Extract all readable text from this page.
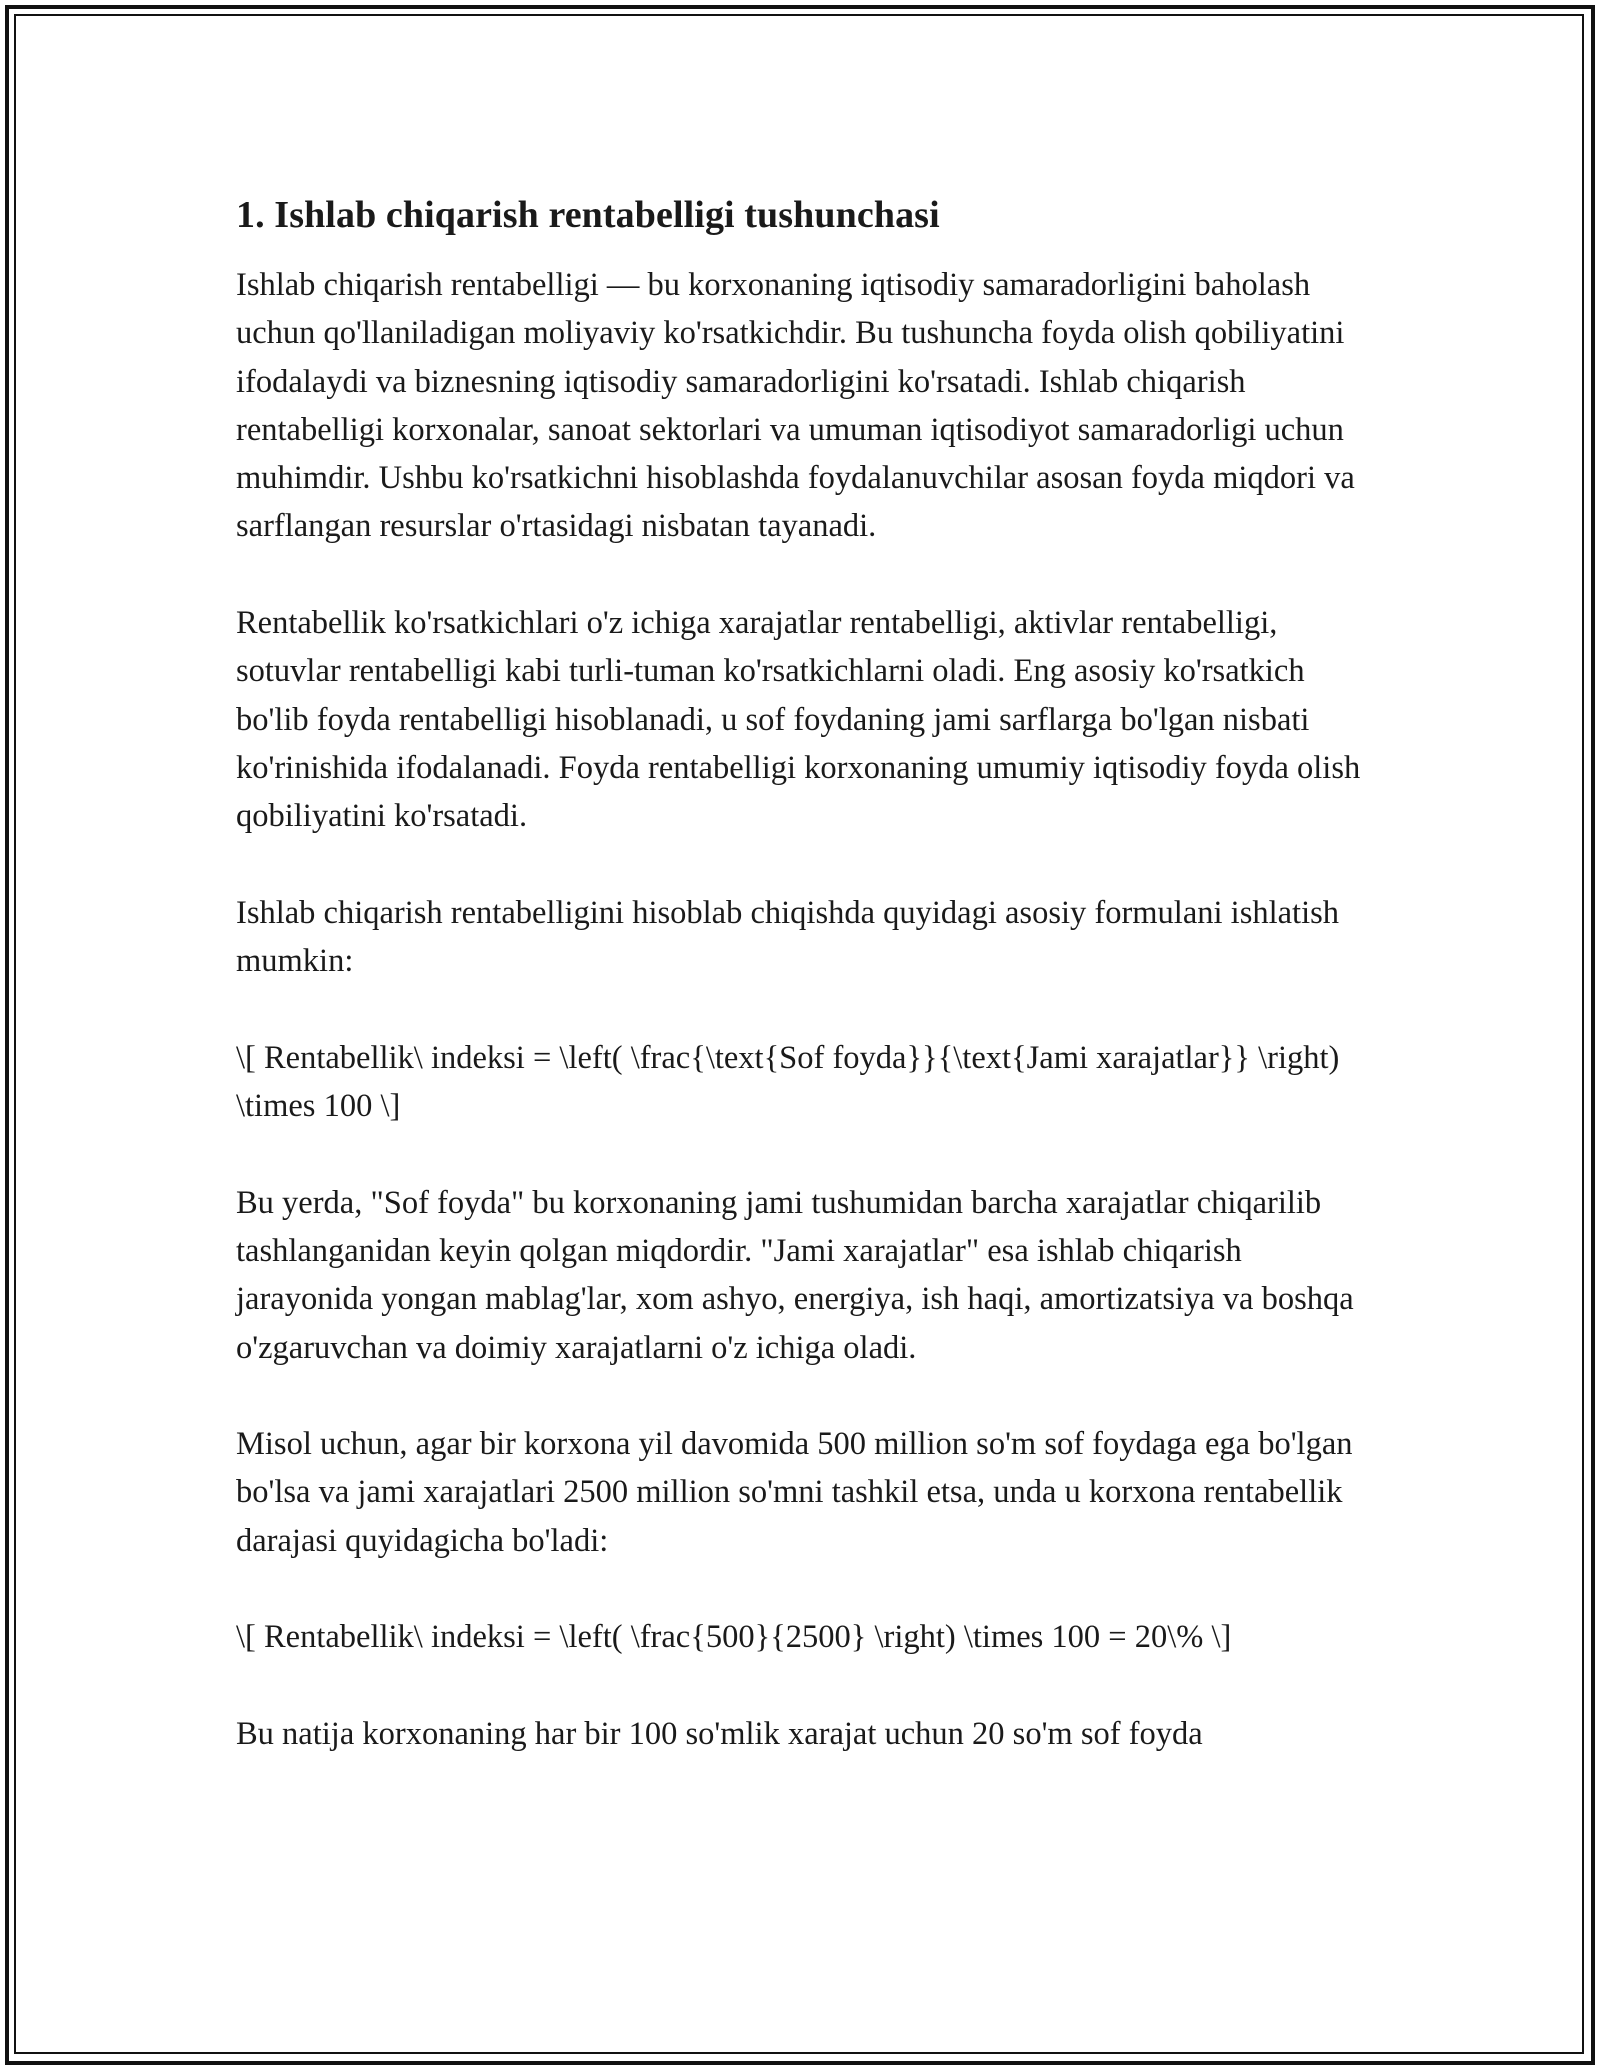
1. Ishlab chiqarish rentabelligi tushunchasi

Ishlab chiqarish rentabelligi — bu korxonaning iqtisodiy samaradorligini baholash uchun qo'llaniladigan moliyaviy ko'rsatkichdir. Bu tushuncha foyda olish qobiliyatini ifodalaydi va biznesning iqtisodiy samaradorligini ko'rsatadi. Ishlab chiqarish rentabelligi korxonalar, sanoat sektorlari va umuman iqtisodiyot samaradorligi uchun muhimdir. Ushbu ko'rsatkichni hisoblashda foydalanuvchilar asosan foyda miqdori va sarflangan resurslar o'rtasidagi nisbatan tayanadi.

Rentabellik ko'rsatkichlari o'z ichiga xarajatlar rentabelligi, aktivlar rentabelligi, sotuvlar rentabelligi kabi turli-tuman ko'rsatkichlarni oladi. Eng asosiy ko'rsatkich bo'lib foyda rentabelligi hisoblanadi, u sof foydaning jami sarflarga bo'lgan nisbati ko'rinishida ifodalanadi. Foyda rentabelligi korxonaning umumiy iqtisodiy foyda olish qobiliyatini ko'rsatadi.

Ishlab chiqarish rentabelligini hisoblab chiqishda quyidagi asosiy formulani ishlatish mumkin:

\[ Rentabellik\ indeksi = \left( \frac{\text{Sof foyda}}{\text{Jami xarajatlar}} \right) \times 100 \]

Bu yerda, "Sof foyda" bu korxonaning jami tushumidan barcha xarajatlar chiqarilib tashlanganidan keyin qolgan miqdordir. "Jami xarajatlar" esa ishlab chiqarish jarayonida yongan mablag'lar, xom ashyo, energiya, ish haqi, amortizatsiya va boshqa o'zgaruvchan va doimiy xarajatlarni o'z ichiga oladi.

Misol uchun, agar bir korxona yil davomida 500 million so'm sof foydaga ega bo'lgan bo'lsa va jami xarajatlari 2500 million so'mni tashkil etsa, unda u korxona rentabellik darajasi quyidagicha bo'ladi:

\[ Rentabellik\ indeksi = \left( \frac{500}{2500} \right) \times 100 = 20\% \]

Bu natija korxonaning har bir 100 so'mlik xarajat uchun 20 so'm sof foyda
